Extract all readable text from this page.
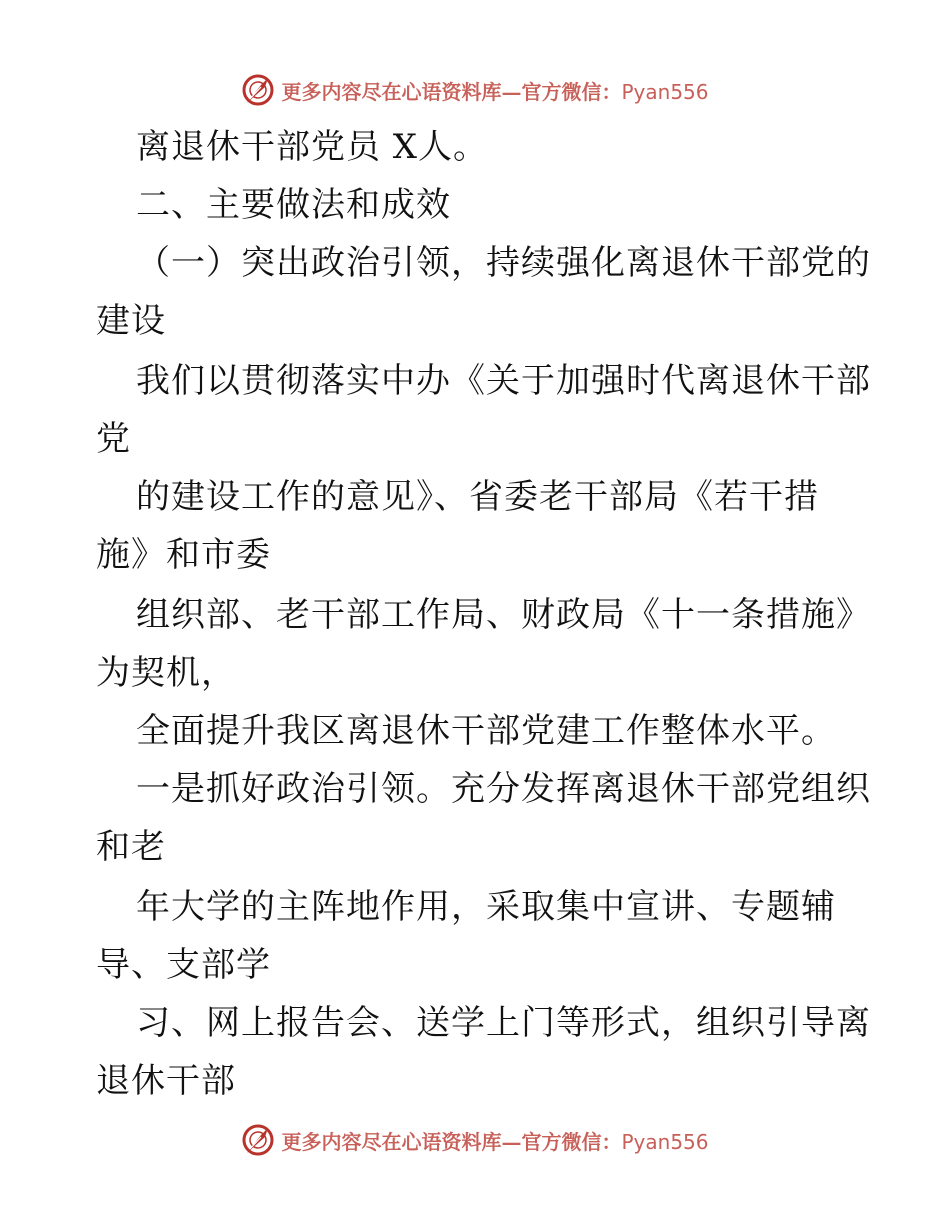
更多内容尽在心语资料库—官方微信：Pyan556
离退休干部党员 X人。
二、主要做法和成效
（一）突出政治引领，持续强化离退休干部党的
建设
我们以贯彻落实中办《关于加强时代离退休干部
党
的建设工作的意见》、省委老干部局《若干措
施》和市委
组织部、老干部工作局、财政局《十一条措施》
为契机，
全面提升我区离退休干部党建工作整体水平。
一是抓好政治引领。充分发挥离退休干部党组织
和老
年大学的主阵地作用，采取集中宣讲、专题辅
导、支部学
习、网上报告会、送学上门等形式，组织引导离
退休干部
更多内容尽在心语资料库—官方微信：Pyan556
